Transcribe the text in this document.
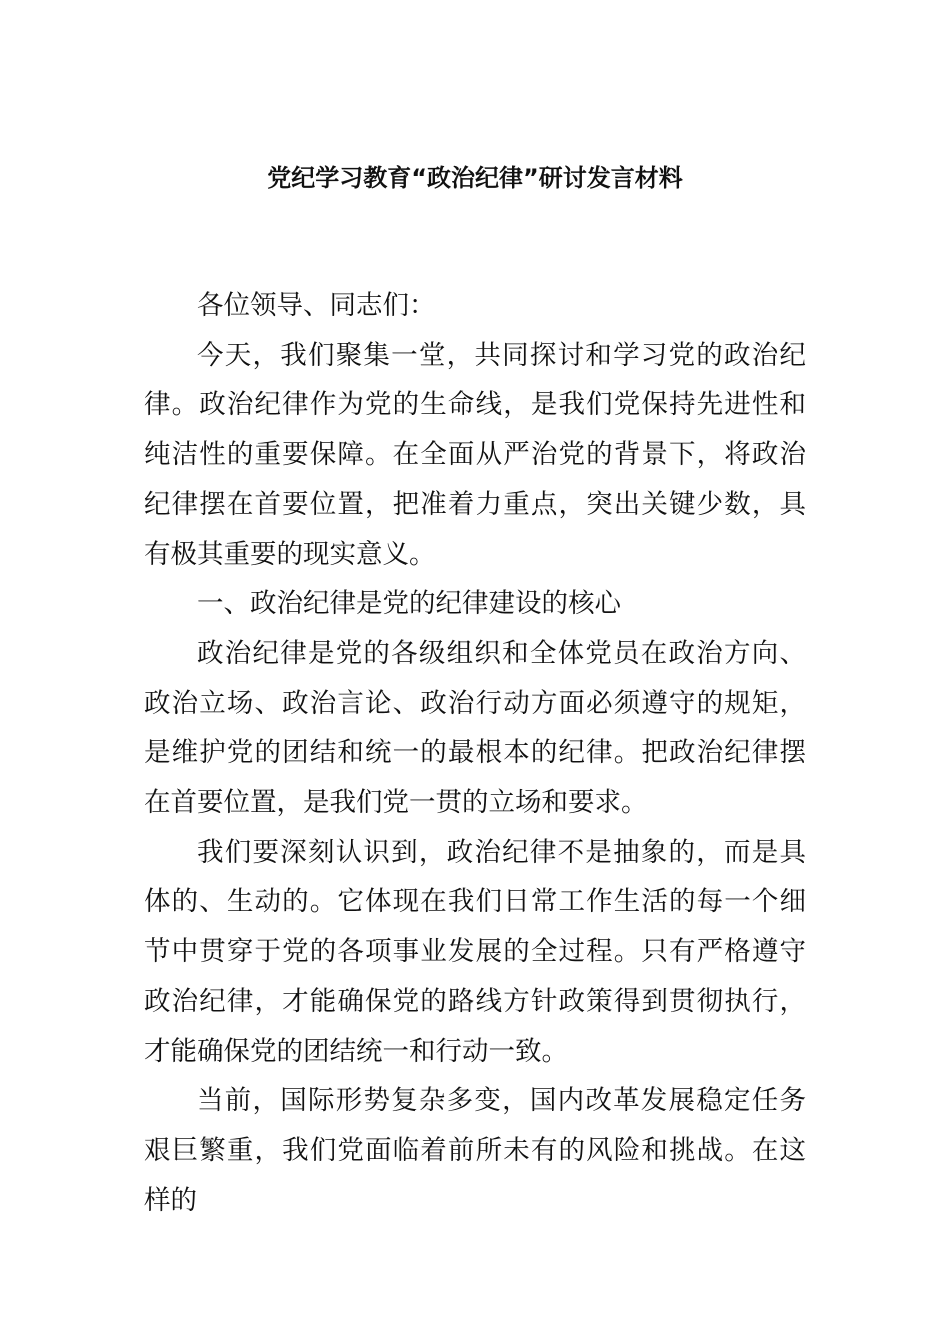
党纪学习教育“政治纪律”研讨发言材料

各位领导、同志们：

今天，我们聚集一堂，共同探讨和学习党的政治纪律。政治纪律作为党的生命线，是我们党保持先进性和纯洁性的重要保障。在全面从严治党的背景下，将政治纪律摆在首要位置，把准着力重点，突出关键少数，具有极其重要的现实意义。

一、政治纪律是党的纪律建设的核心

政治纪律是党的各级组织和全体党员在政治方向、政治立场、政治言论、政治行动方面必须遵守的规矩，是维护党的团结和统一的最根本的纪律。把政治纪律摆在首要位置，是我们党一贯的立场和要求。

我们要深刻认识到，政治纪律不是抽象的，而是具体的、生动的。它体现在我们日常工作生活的每一个细节中贯穿于党的各项事业发展的全过程。只有严格遵守政治纪律，才能确保党的路线方针政策得到贯彻执行，才能确保党的团结统一和行动一致。

当前，国际形势复杂多变，国内改革发展稳定任务艰巨繁重，我们党面临着前所未有的风险和挑战。在这样的
